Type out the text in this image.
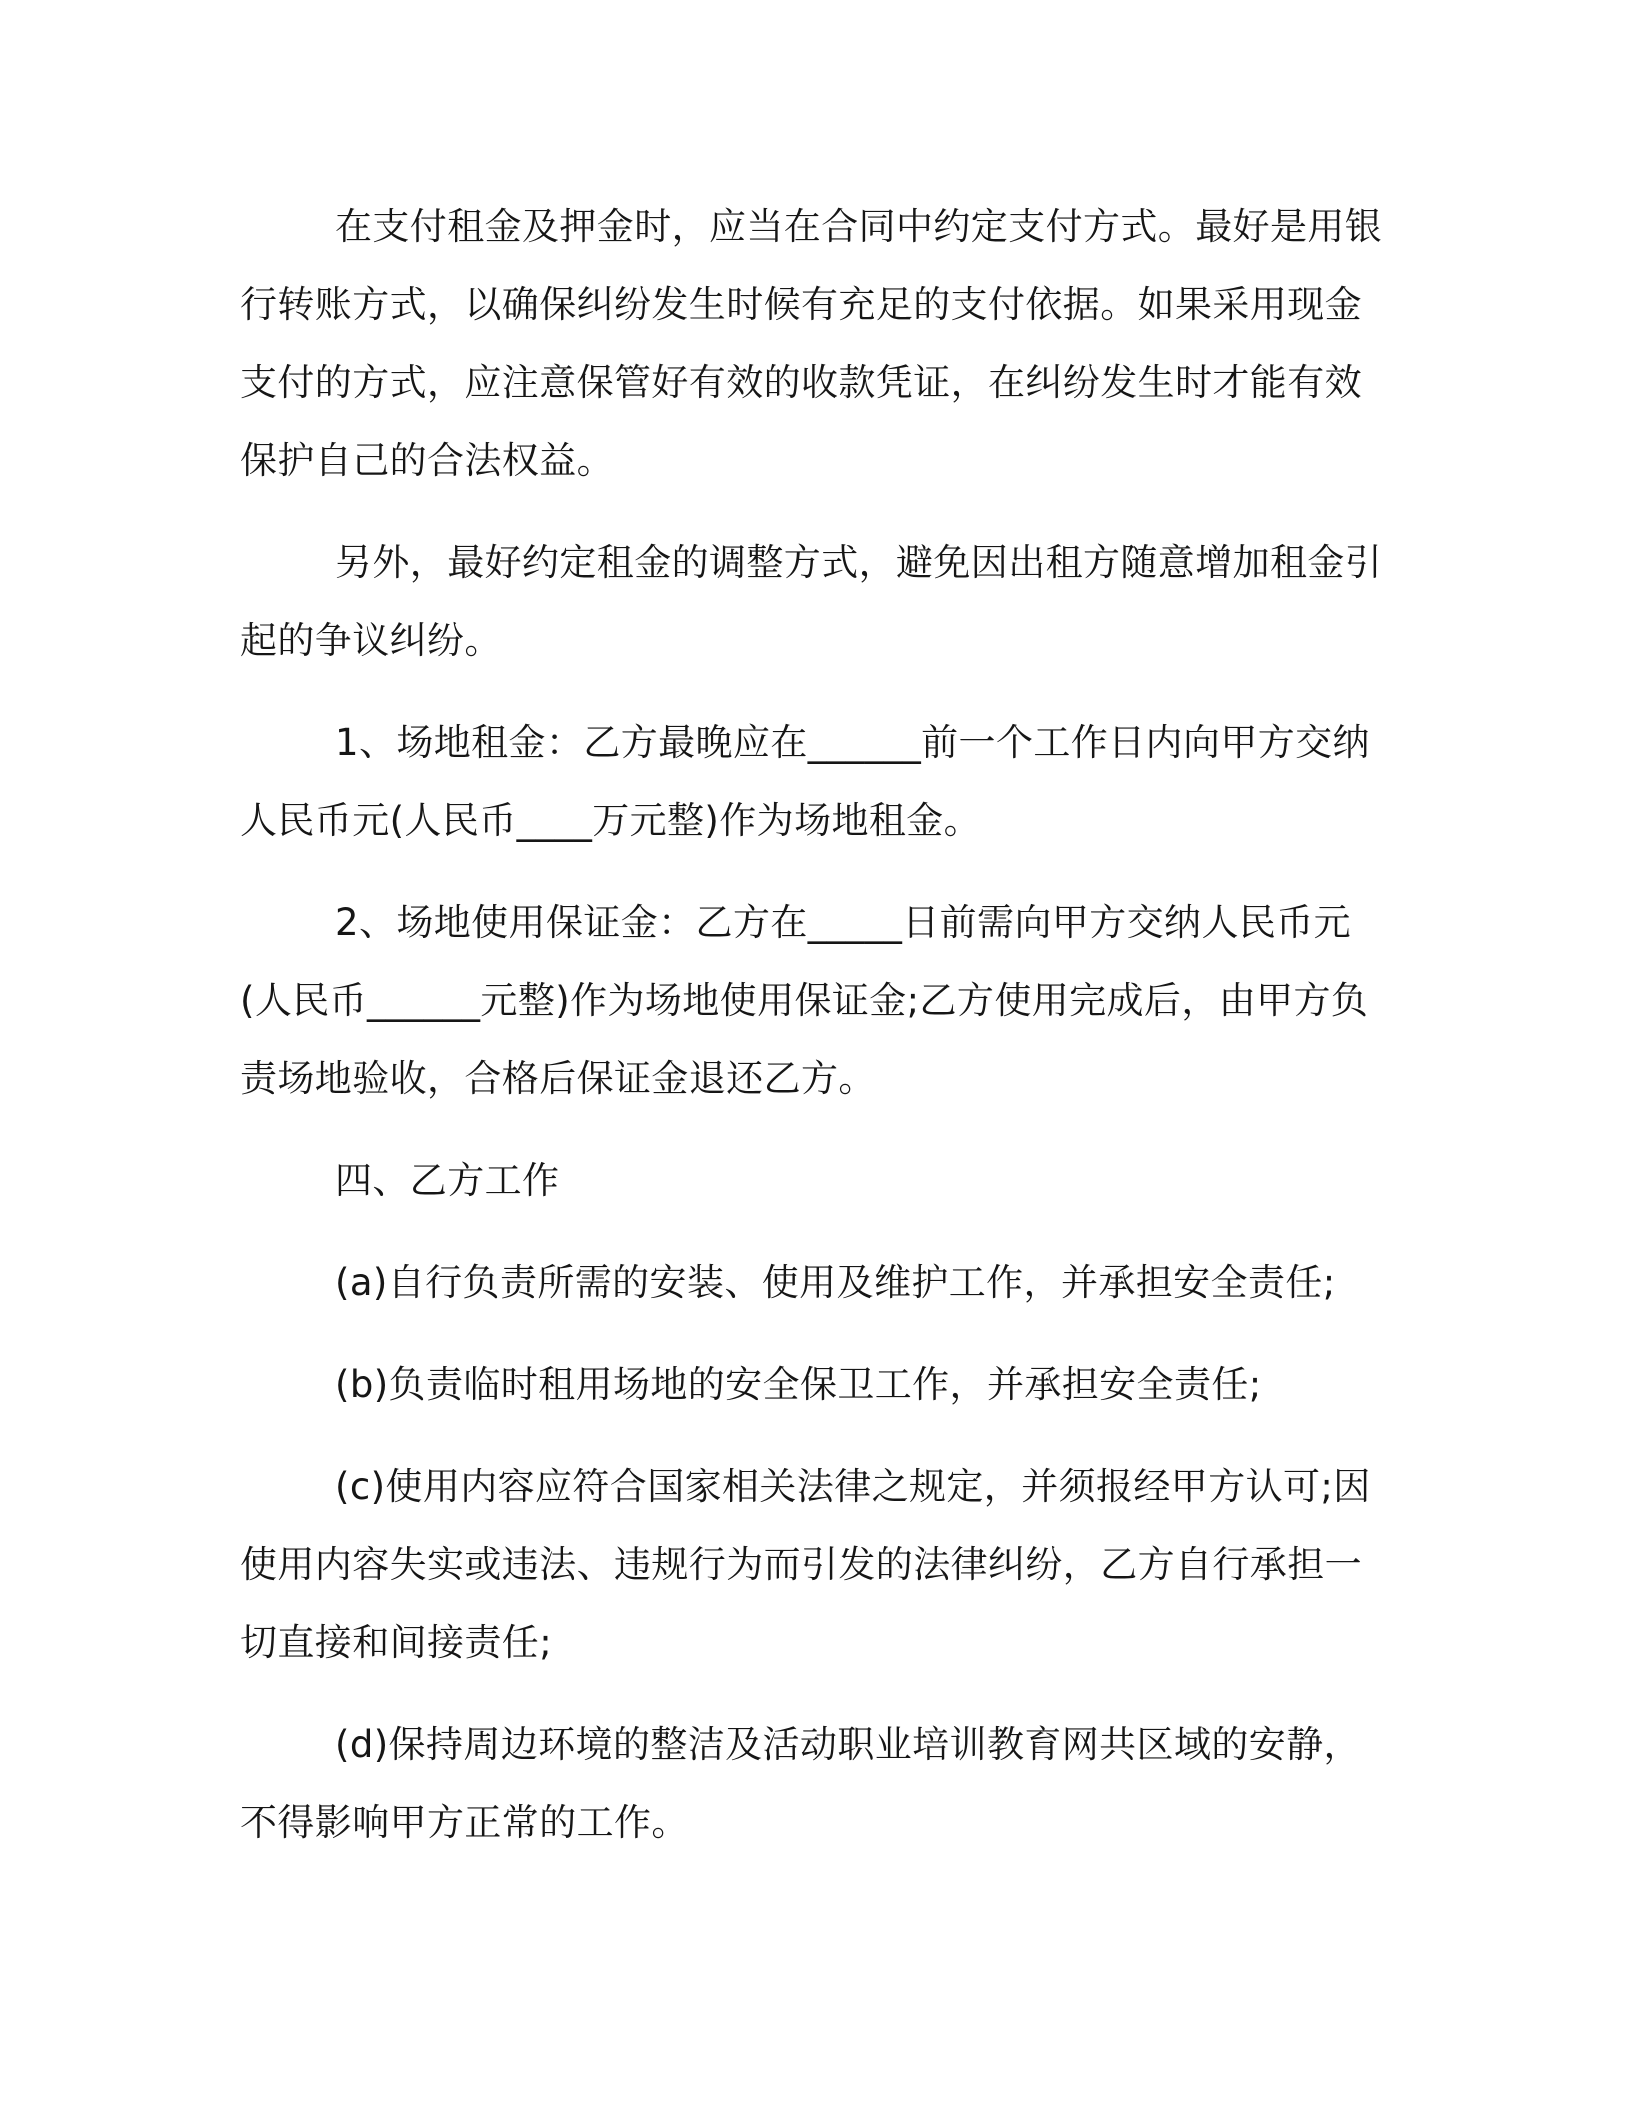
在支付租金及押金时，应当在合同中约定支付方式。最好是用银
行转账方式，以确保纠纷发生时候有充足的支付依据。如果采用现金
支付的方式，应注意保管好有效的收款凭证，在纠纷发生时才能有效
保护自己的合法权益。
另外，最好约定租金的调整方式，避免因出租方随意增加租金引
起的争议纠纷。
1、场地租金：乙方最晚应在______前一个工作日内向甲方交纳
人民币元(人民币____万元整)作为场地租金。
2、场地使用保证金：乙方在_____日前需向甲方交纳人民币元
(人民币______元整)作为场地使用保证金;乙方使用完成后，由甲方负
责场地验收，合格后保证金退还乙方。
四、乙方工作
(a)自行负责所需的安装、使用及维护工作，并承担安全责任;
(b)负责临时租用场地的安全保卫工作，并承担安全责任;
(c)使用内容应符合国家相关法律之规定，并须报经甲方认可;因
使用内容失实或违法、违规行为而引发的法律纠纷，乙方自行承担一
切直接和间接责任;
(d)保持周边环境的整洁及活动职业培训教育网共区域的安静，
不得影响甲方正常的工作。
